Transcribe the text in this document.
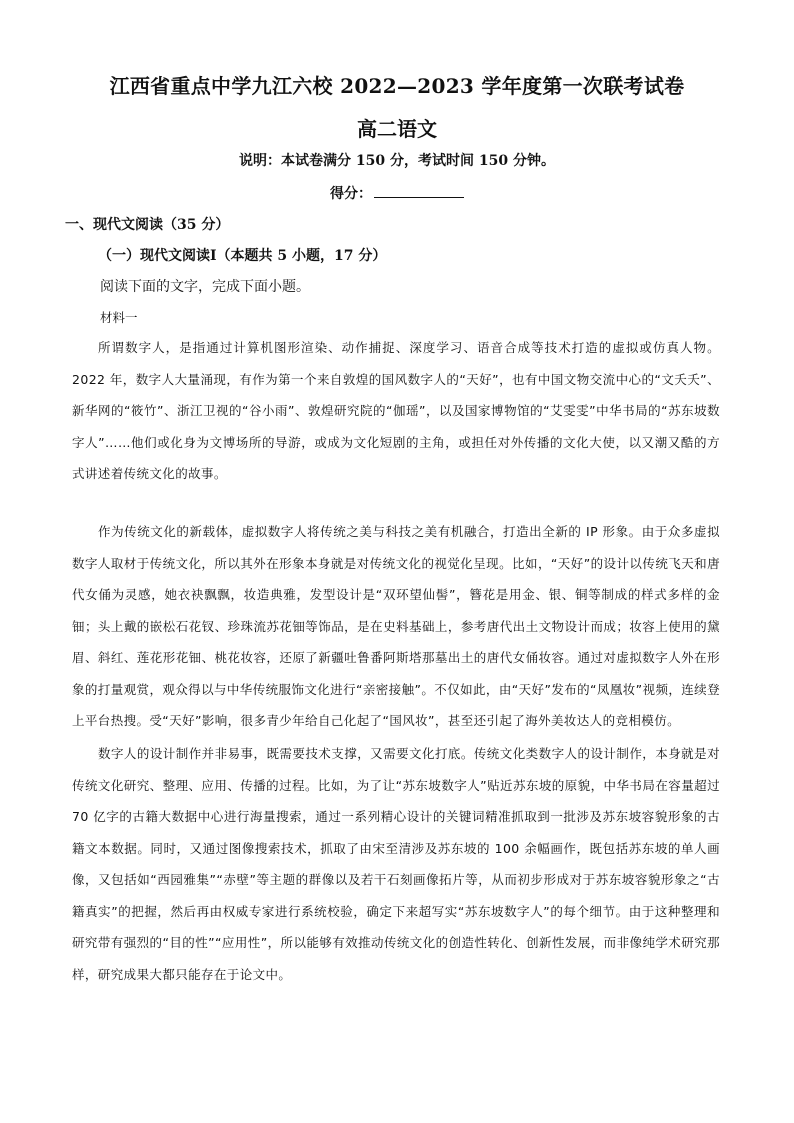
江西省重点中学九江六校 2022—2023 学年度第一次联考试卷
高二语文
说明：本试卷满分 150 分，考试时间 150 分钟。
得分：
一、现代文阅读（35 分）
（一）现代文阅读Ⅰ（本题共 5 小题，17 分）
阅读下面的文字，完成下面小题。
材料一
所谓数字人，是指通过计算机图形渲染、动作捕捉、深度学习、语音合成等技术打造的虚拟或仿真人物。2022 年，数字人大量涌现，有作为第一个来自敦煌的国风数字人的“天好”，也有中国文物交流中心的“文夭夭”、新华网的“筱竹”、浙江卫视的“谷小雨”、敦煌研究院的“伽瑶”，以及国家博物馆的“艾雯雯”中华书局的“苏东坡数字人”……他们或化身为文博场所的导游，或成为文化短剧的主角，或担任对外传播的文化大使，以又潮又酷的方式讲述着传统文化的故事。
作为传统文化的新载体，虚拟数字人将传统之美与科技之美有机融合，打造出全新的 IP 形象。由于众多虚拟数字人取材于传统文化，所以其外在形象本身就是对传统文化的视觉化呈现。比如，“天好”的设计以传统飞天和唐代女俑为灵感，她衣袂飘飘，妆造典雅，发型设计是“双环望仙髻”，簪花是用金、银、铜等制成的样式多样的金钿；头上戴的嵌松石花钗、珍珠流苏花钿等饰品，是在史料基础上，参考唐代出土文物设计而成；妆容上使用的黛眉、斜红、莲花形花钿、桃花妆容，还原了新疆吐鲁番阿斯塔那墓出土的唐代女俑妆容。通过对虚拟数字人外在形象的打量观赏，观众得以与中华传统服饰文化进行“亲密接触”。不仅如此，由“天好”发布的“凤凰妆”视频，连续登上平台热搜。受“天好”影响，很多青少年给自己化起了“国风妆”，甚至还引起了海外美妆达人的竞相模仿。
数字人的设计制作并非易事，既需要技术支撑，又需要文化打底。传统文化类数字人的设计制作，本身就是对传统文化研究、整理、应用、传播的过程。比如，为了让“苏东坡数字人”贴近苏东坡的原貌，中华书局在容量超过 70 亿字的古籍大数据中心进行海量搜索，通过一系列精心设计的关键词精准抓取到一批涉及苏东坡容貌形象的古籍文本数据。同时，又通过图像搜索技术，抓取了由宋至清涉及苏东坡的 100 余幅画作，既包括苏东坡的单人画像，又包括如“西园雅集”“赤壁”等主题的群像以及若干石刻画像拓片等，从而初步形成对于苏东坡容貌形象之“古籍真实”的把握，然后再由权威专家进行系统校验，确定下来超写实“苏东坡数字人”的每个细节。由于这种整理和研究带有强烈的“目的性”“应用性”，所以能够有效推动传统文化的创造性转化、创新性发展，而非像纯学术研究那样，研究成果大都只能存在于论文中。
